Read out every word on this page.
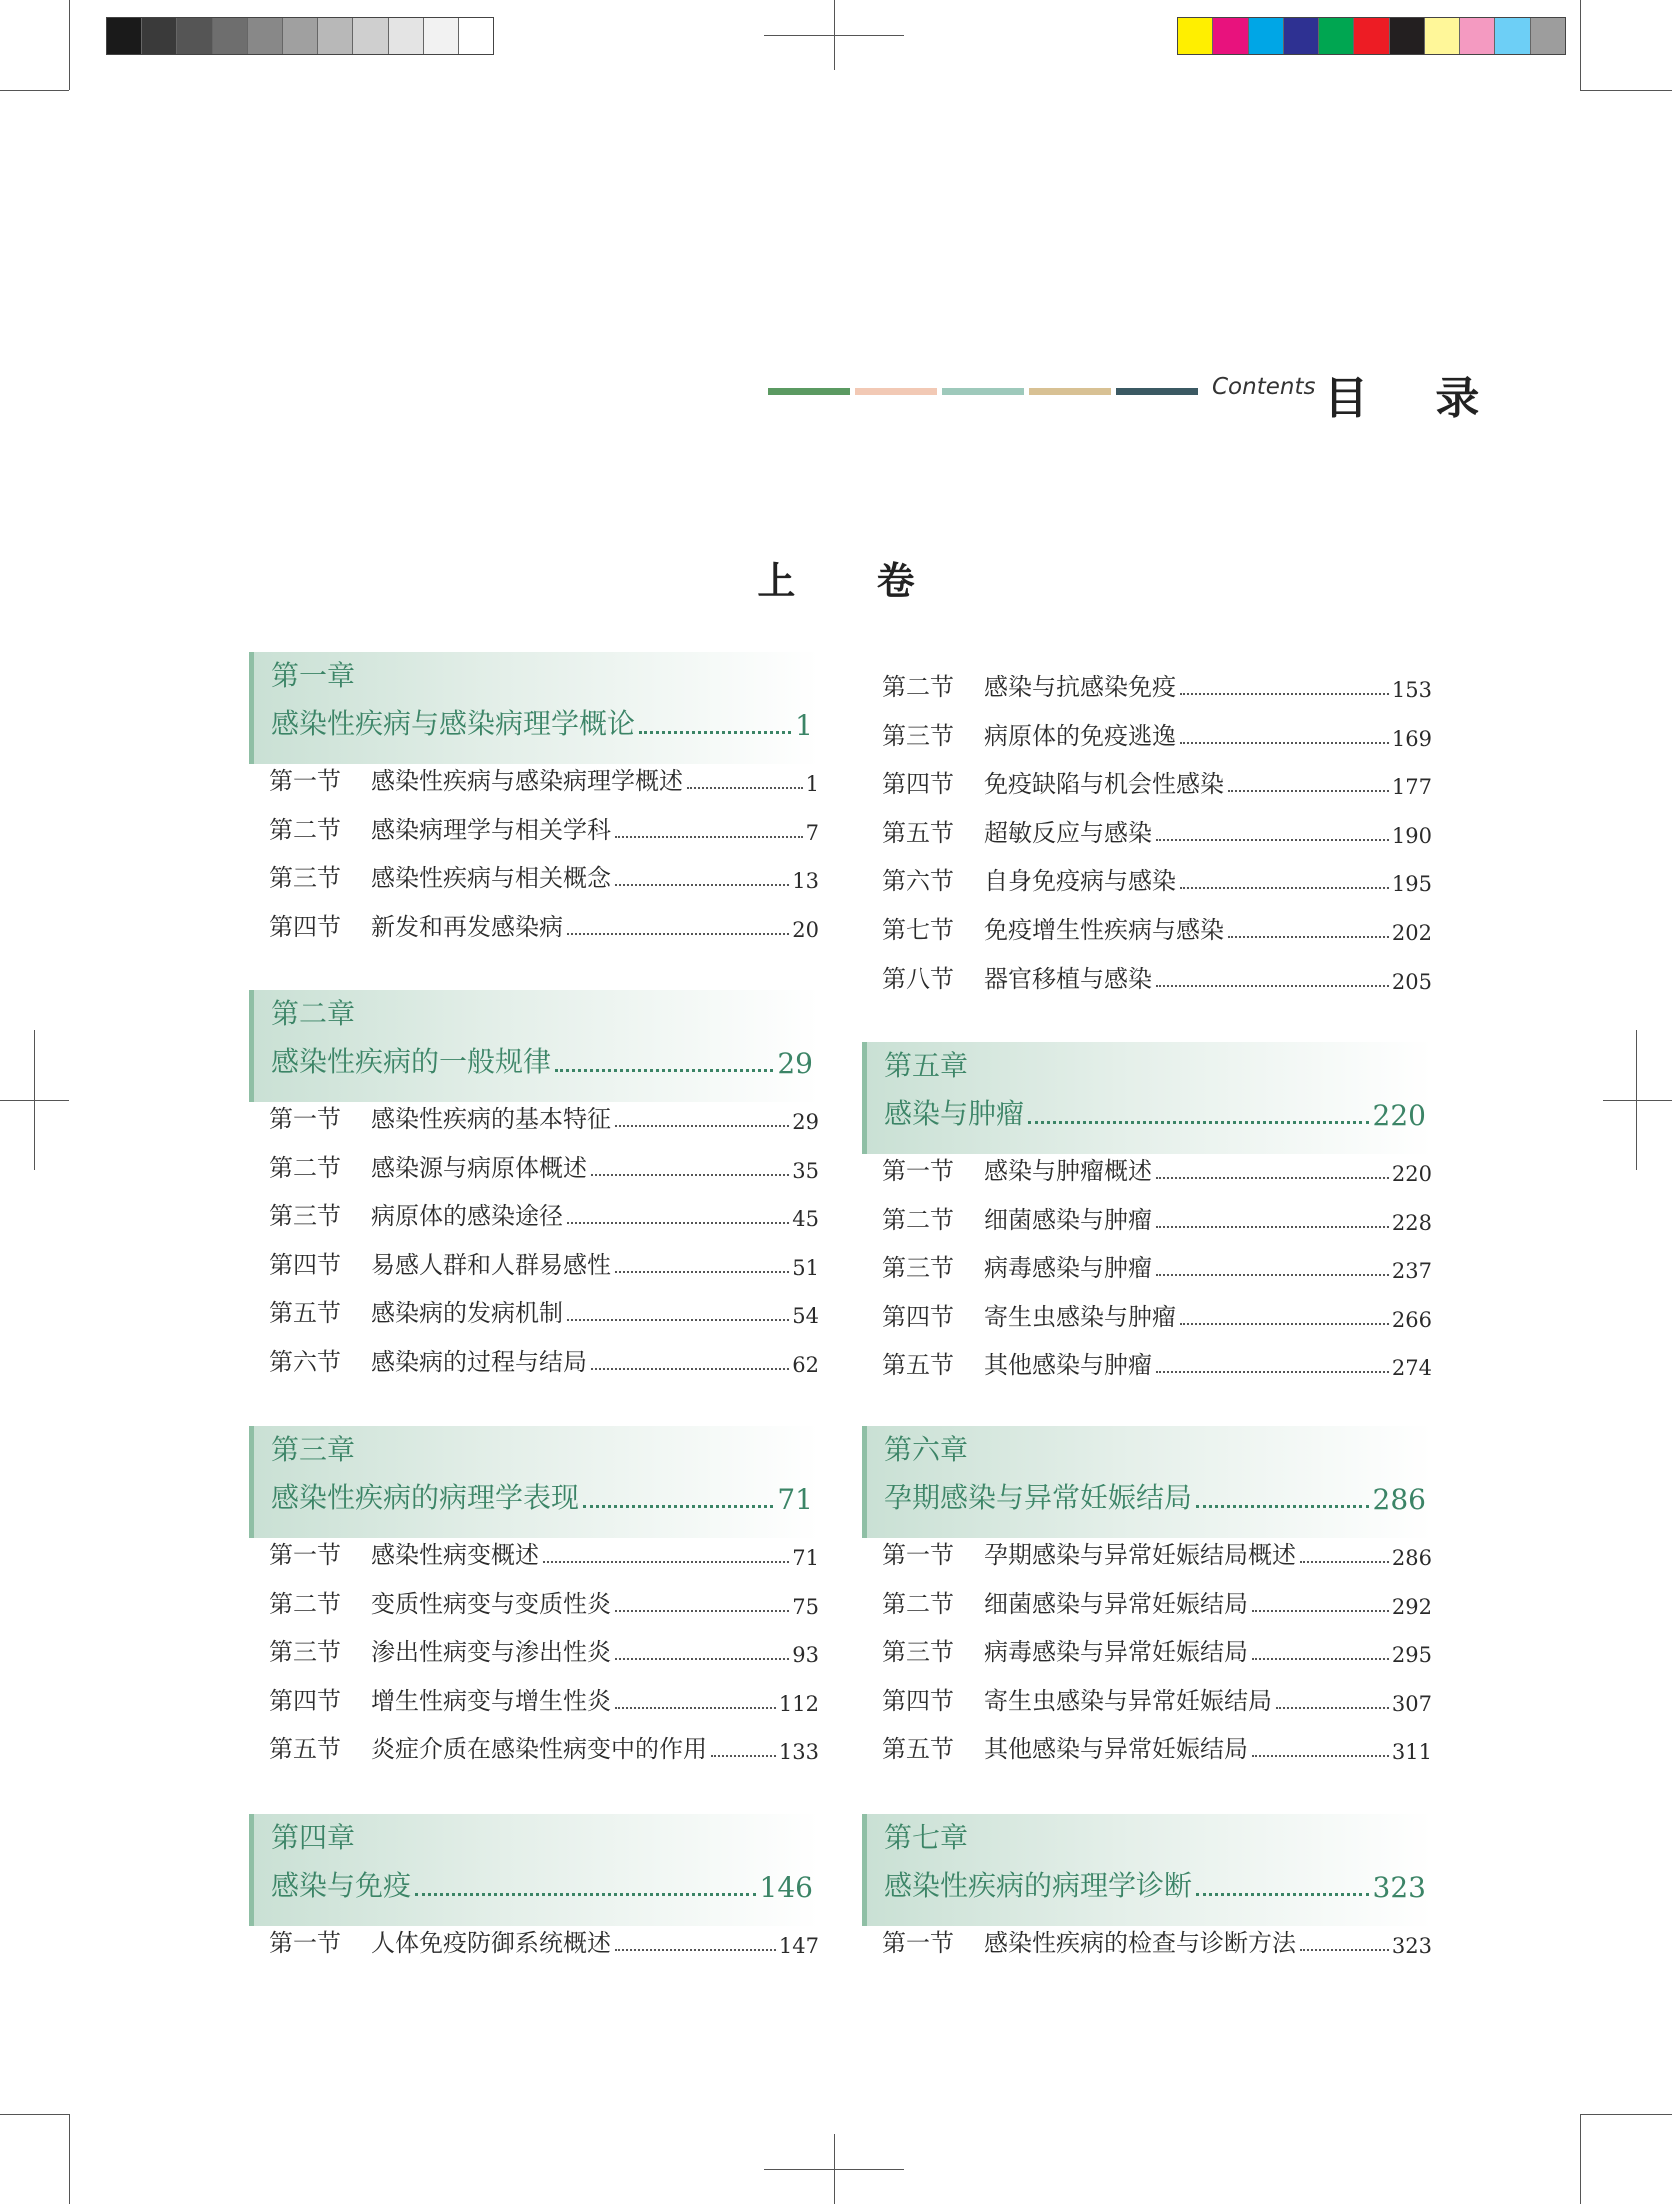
Contents 目 录
上 卷
第一章
感染性疾病与感染病理学概论	1
第一节	感染性疾病与感染病理学概述	1
第二节	感染病理学与相关学科	7
第三节	感染性疾病与相关概念	13
第四节	新发和再发感染病	20
第二章
感染性疾病的一般规律	29
第一节	感染性疾病的基本特征	29
第二节	感染源与病原体概述	35
第三节	病原体的感染途径	45
第四节	易感人群和人群易感性	51
第五节	感染病的发病机制	54
第六节	感染病的过程与结局	62
第三章
感染性疾病的病理学表现	71
第一节	感染性病变概述	71
第二节	变质性病变与变质性炎	75
第三节	渗出性病变与渗出性炎	93
第四节	增生性病变与增生性炎	112
第五节	炎症介质在感染性病变中的作用	133
第四章
感染与免疫	146
第一节	人体免疫防御系统概述	147
第二节	感染与抗感染免疫	153
第三节	病原体的免疫逃逸	169
第四节	免疫缺陷与机会性感染	177
第五节	超敏反应与感染	190
第六节	自身免疫病与感染	195
第七节	免疫增生性疾病与感染	202
第八节	器官移植与感染	205
第五章
感染与肿瘤	220
第一节	感染与肿瘤概述	220
第二节	细菌感染与肿瘤	228
第三节	病毒感染与肿瘤	237
第四节	寄生虫感染与肿瘤	266
第五节	其他感染与肿瘤	274
第六章
孕期感染与异常妊娠结局	286
第一节	孕期感染与异常妊娠结局概述	286
第二节	细菌感染与异常妊娠结局	292
第三节	病毒感染与异常妊娠结局	295
第四节	寄生虫感染与异常妊娠结局	307
第五节	其他感染与异常妊娠结局	311
第七章
感染性疾病的病理学诊断	323
第一节	感染性疾病的检查与诊断方法	323
